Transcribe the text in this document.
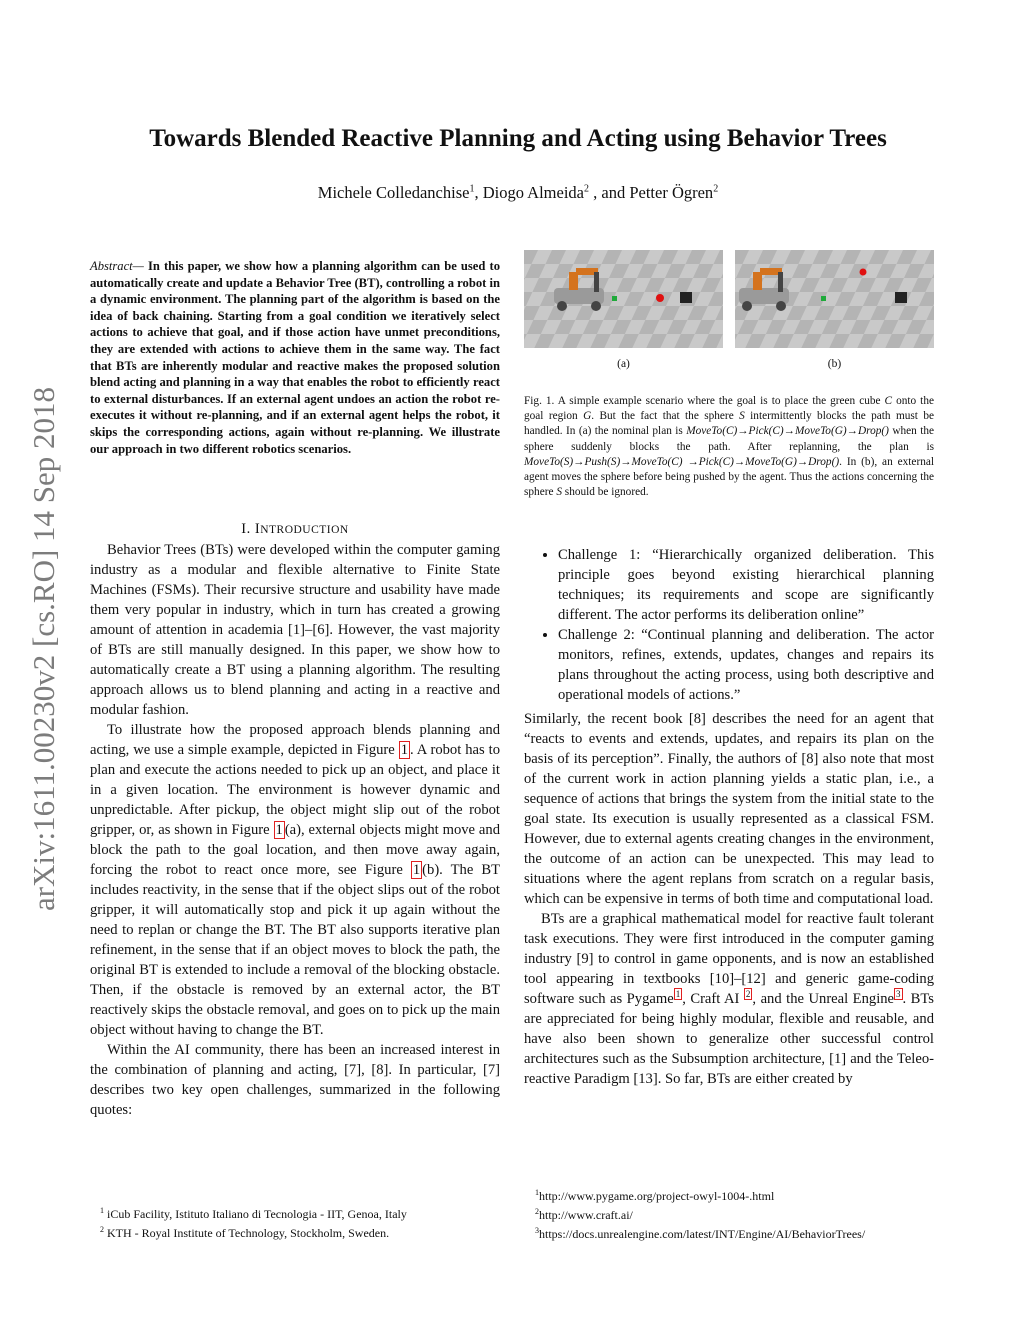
arXiv:1611.00230v2 [cs.RO] 14 Sep 2018
Towards Blended Reactive Planning and Acting using Behavior Trees
Michele Colledanchise$^1$, Diogo Almeida$^2$ , and Petter Ögren$^2$
Abstract— In this paper, we show how a planning algorithm can be used to automatically create and update a Behavior Tree (BT), controlling a robot in a dynamic environment. The planning part of the algorithm is based on the idea of back chaining. Starting from a goal condition we iteratively select actions to achieve that goal, and if those action have unmet preconditions, they are extended with actions to achieve them in the same way. The fact that BTs are inherently modular and reactive makes the proposed solution blend acting and planning in a way that enables the robot to efficiently react to external disturbances. If an external agent undoes an action the robot re-executes it without re-planning, and if an external agent helps the robot, it skips the corresponding actions, again without re-planning. We illustrate our approach in two different robotics scenarios.
I. INTRODUCTION

Behavior Trees (BTs) were developed within the computer gaming industry as a modular and flexible alternative to Finite State Machines (FSMs). Their recursive structure and usability have made them very popular in industry, which in turn has created a growing amount of attention in academia [1]–[6]. However, the vast majority of BTs are still manually designed. In this paper, we show how to automatically create a BT using a planning algorithm. The resulting approach allows us to blend planning and acting in a reactive and modular fashion.

To illustrate how the proposed approach blends planning and acting, we use a simple example, depicted in Figure 1 . A robot has to plan and execute the actions needed to pick up an object, and place it in a given location. The environment is however dynamic and unpredictable. After pickup, the object might slip out of the robot gripper, or, as shown in Figure 1 (a), external objects might move and block the path to the goal location, and then move away again, forcing the robot to react once more, see Figure 1 (b). The BT includes reactivity, in the sense that if the object slips out of the robot gripper, it will automatically stop and pick it up again without the need to replan or change the BT. The BT also supports iterative plan refinement, in the sense that if an object moves to block the path, the original BT is extended to include a removal of the blocking obstacle. Then, if the obstacle is removed by an external actor, the BT reactively skips the obstacle removal, and goes on to pick up the main object without having to change the BT.

Within the AI community, there has been an increased interest in the combination of planning and acting, [7], [8]. In particular, [7] describes two key open challenges, summarized in the following quotes:

(a)	(b)
Fig. 1. A simple example scenario where the goal is to place the green cube C onto the goal region G. But the fact that the sphere S intermittently blocks the path must be handled. In (a) the nominal plan is MoveTo(C)→Pick(C)→MoveTo(G)→Drop() when the sphere suddenly blocks the path. After replanning, the plan is MoveTo(S)→Push(S)→MoveTo(C) →Pick(C)→MoveTo(G)→Drop(). In (b), an external agent moves the sphere before being pushed by the agent. Thus the actions concerning the sphere S should be ignored.
• Challenge 1: “Hierarchically organized deliberation. This principle goes beyond existing hierarchical planning techniques; its requirements and scope are significantly different. The actor performs its deliberation online”
• Challenge 2: “Continual planning and deliberation. The actor monitors, refines, extends, updates, changes and repairs its plans throughout the acting process, using both descriptive and operational models of actions.”

Similarly, the recent book [8] describes the need for an agent that “reacts to events and extends, updates, and repairs its plan on the basis of its perception”. Finally, the authors of [8] also note that most of the current work in action planning yields a static plan, i.e., a sequence of actions that brings the system from the initial state to the goal state. Its execution is usually represented as a classical FSM. However, due to external agents creating changes in the environment, the outcome of an action can be unexpected. This may lead to situations where the agent replans from scratch on a regular basis, which can be expensive in terms of both time and computational load.

BTs are a graphical mathematical model for reactive fault tolerant task executions. They were first introduced in the computer gaming industry [9] to control in game opponents, and is now an established tool appearing in textbooks [10]–[12] and generic game-coding software such as Pygame $^1$ , Craft AI $^2$ , and the Unreal Engine $^3$ . BTs are appreciated for being highly modular, flexible and reusable, and have also been shown to generalize other successful control architectures such as the Subsumption architecture, [1] and the Teleo-reactive Paradigm [13]. So far, BTs are either created by

$^1$ iCub Facility, Istituto Italiano di Tecnologia - IIT, Genoa, Italy
$^2$ KTH - Royal Institute of Technology, Stockholm, Sweden.
$^1$http://www.pygame.org/project-owyl-1004-.html
$^2$http://www.craft.ai/
$^3$https://docs.unrealengine.com/latest/INT/Engine/AI/BehaviorTrees/
